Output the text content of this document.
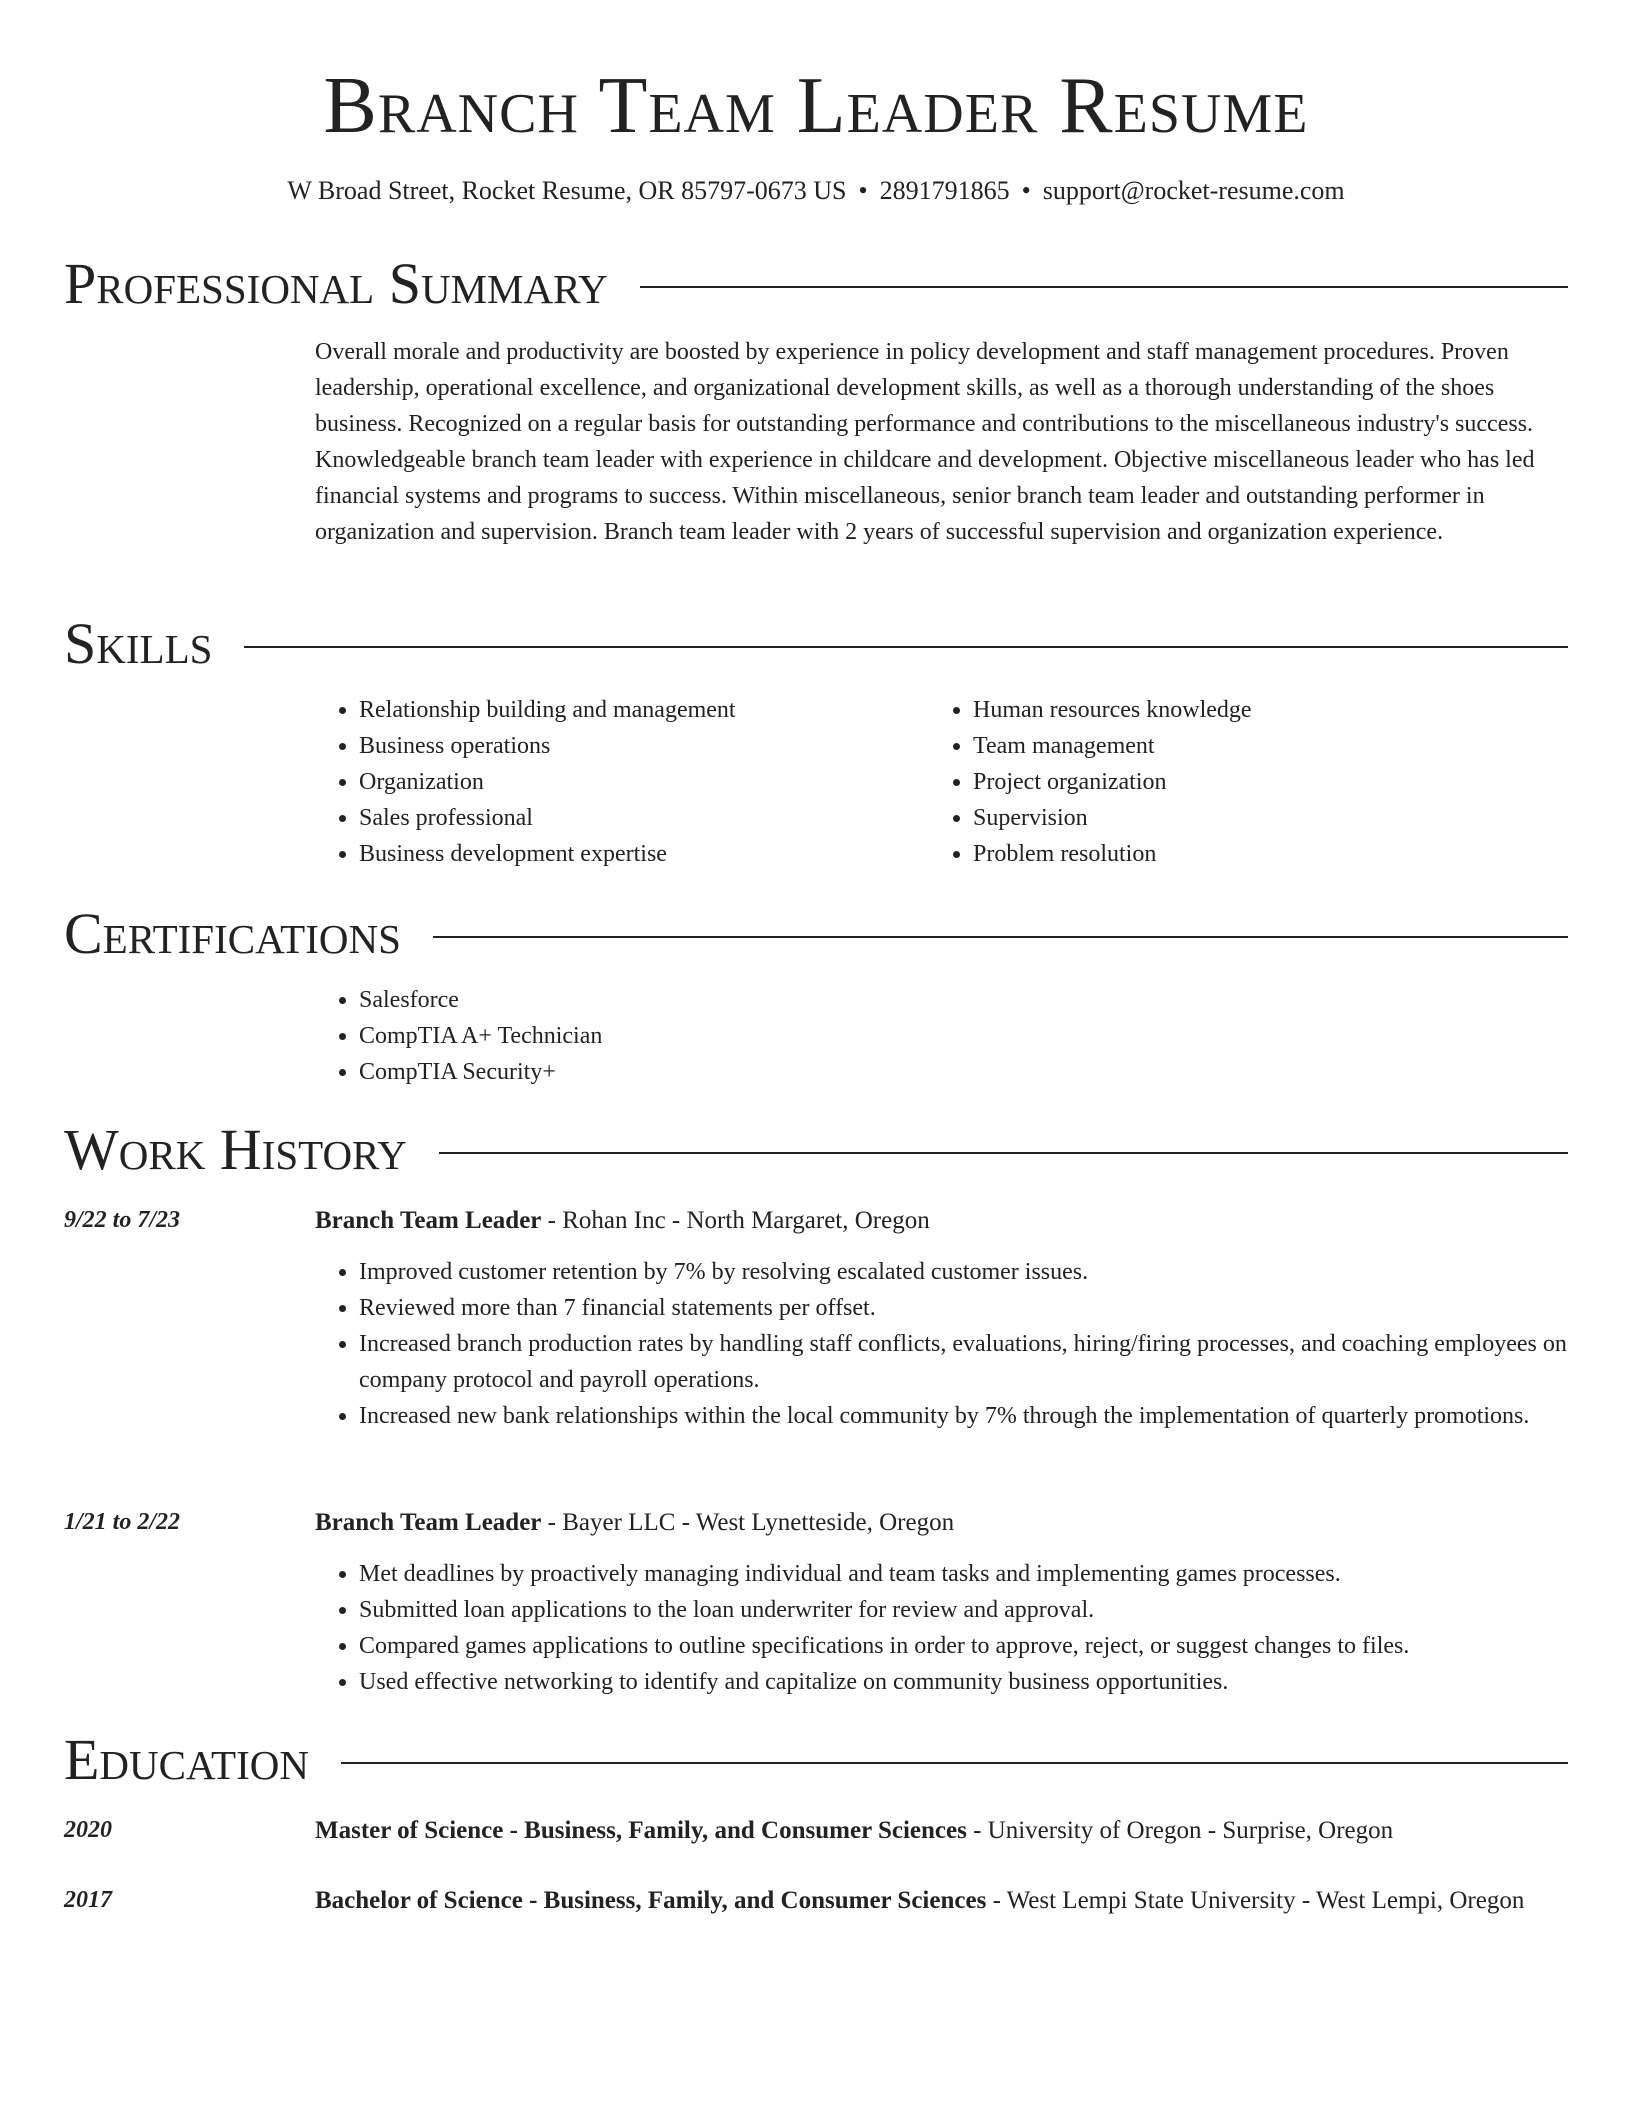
Branch Team Leader Resume
W Broad Street, Rocket Resume, OR 85797-0673 US • 2891791865 • support@rocket-resume.com
Professional Summary
Overall morale and productivity are boosted by experience in policy development and staff management procedures. Proven leadership, operational excellence, and organizational development skills, as well as a thorough understanding of the shoes business. Recognized on a regular basis for outstanding performance and contributions to the miscellaneous industry's success. Knowledgeable branch team leader with experience in childcare and development. Objective miscellaneous leader who has led financial systems and programs to success. Within miscellaneous, senior branch team leader and outstanding performer in organization and supervision. Branch team leader with 2 years of successful supervision and organization experience.
Skills
• Relationship building and management
• Business operations
• Organization
• Sales professional
• Business development expertise
• Human resources knowledge
• Team management
• Project organization
• Supervision
• Problem resolution
Certifications
• Salesforce
• CompTIA A+ Technician
• CompTIA Security+
Work History
9/22 to 7/23	Branch Team Leader - Rohan Inc - North Margaret, Oregon
• Improved customer retention by 7% by resolving escalated customer issues.
• Reviewed more than 7 financial statements per offset.
• Increased branch production rates by handling staff conflicts, evaluations, hiring/firing processes, and coaching employees on company protocol and payroll operations.
• Increased new bank relationships within the local community by 7% through the implementation of quarterly promotions.
1/21 to 2/22	Branch Team Leader - Bayer LLC - West Lynetteside, Oregon
• Met deadlines by proactively managing individual and team tasks and implementing games processes.
• Submitted loan applications to the loan underwriter for review and approval.
• Compared games applications to outline specifications in order to approve, reject, or suggest changes to files.
• Used effective networking to identify and capitalize on community business opportunities.
Education
2020	Master of Science - Business, Family, and Consumer Sciences - University of Oregon - Surprise, Oregon
2017	Bachelor of Science - Business, Family, and Consumer Sciences - West Lempi State University - West Lempi, Oregon
